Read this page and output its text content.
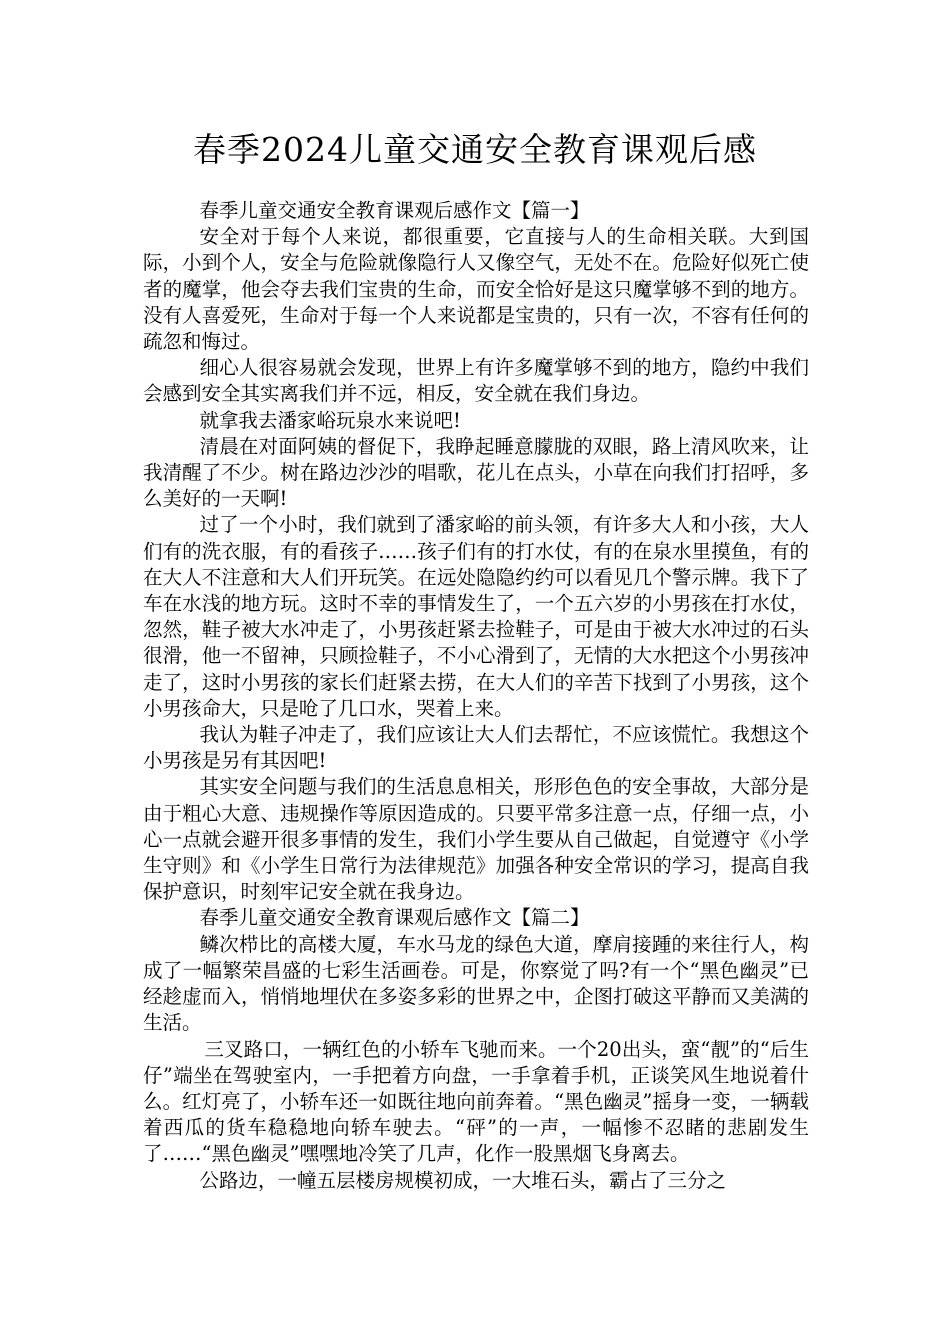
春季2024儿童交通安全教育课观后感

春季儿童交通安全教育课观后感作文【篇一】

安全对于每个人来说，都很重要，它直接与人的生命相关联。大到国际，小到个人，安全与危险就像隐行人又像空气，无处不在。危险好似死亡使者的魔掌，他会夺去我们宝贵的生命，而安全恰好是这只魔掌够不到的地方。没有人喜爱死，生命对于每一个人来说都是宝贵的，只有一次，不容有任何的疏忽和悔过。

细心人很容易就会发现，世界上有许多魔掌够不到的地方，隐约中我们会感到安全其实离我们并不远，相反，安全就在我们身边。

就拿我去潘家峪玩泉水来说吧!

清晨在对面阿姨的督促下，我睁起睡意朦胧的双眼，路上清风吹来，让我清醒了不少。树在路边沙沙的唱歌，花儿在点头，小草在向我们打招呼，多么美好的一天啊!

过了一个小时，我们就到了潘家峪的前头领，有许多大人和小孩，大人们有的洗衣服，有的看孩子……孩子们有的打水仗，有的在泉水里摸鱼，有的在大人不注意和大人们开玩笑。在远处隐隐约约可以看见几个警示牌。我下了车在水浅的地方玩。这时不幸的事情发生了，一个五六岁的小男孩在打水仗，忽然，鞋子被大水冲走了，小男孩赶紧去捡鞋子，可是由于被大水冲过的石头很滑，他一不留神，只顾捡鞋子，不小心滑到了，无情的大水把这个小男孩冲走了，这时小男孩的家长们赶紧去捞，在大人们的辛苦下找到了小男孩，这个小男孩命大，只是呛了几口水，哭着上来。

我认为鞋子冲走了，我们应该让大人们去帮忙，不应该慌忙。我想这个小男孩是另有其因吧!

其实安全问题与我们的生活息息相关，形形色色的安全事故，大部分是由于粗心大意、违规操作等原因造成的。只要平常多注意一点，仔细一点，小心一点就会避开很多事情的发生，我们小学生要从自己做起，自觉遵守《小学生守则》和《小学生日常行为法律规范》加强各种安全常识的学习，提高自我保护意识，时刻牢记安全就在我身边。

春季儿童交通安全教育课观后感作文【篇二】

鳞次栉比的高楼大厦，车水马龙的绿色大道，摩肩接踵的来往行人，构成了一幅繁荣昌盛的七彩生活画卷。可是，你察觉了吗?有一个“黑色幽灵”已经趁虚而入，悄悄地埋伏在多姿多彩的世界之中，企图打破这平静而又美满的生活。

三叉路口，一辆红色的小轿车飞驰而来。一个20出头，蛮“靓”的“后生仔”端坐在驾驶室内，一手把着方向盘，一手拿着手机，正谈笑风生地说着什么。红灯亮了，小轿车还一如既往地向前奔着。“黑色幽灵”摇身一变，一辆载着西瓜的货车稳稳地向轿车驶去。“砰”的一声，一幅惨不忍睹的悲剧发生了……“黑色幽灵”嘿嘿地冷笑了几声，化作一股黑烟飞身离去。

公路边，一幢五层楼房规模初成，一大堆石头，霸占了三分之
